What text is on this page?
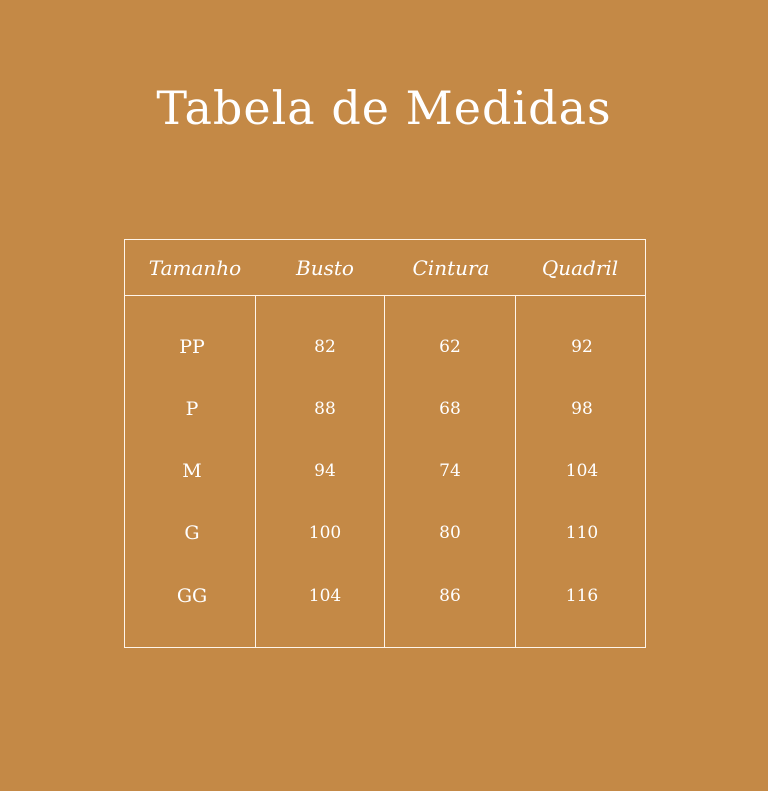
Tabela de Medidas
Tamanho	Busto	Cintura	Quadril
PP	82	62	92
P	88	68	98
M	94	74	104
G	100	80	110
GG	104	86	116
